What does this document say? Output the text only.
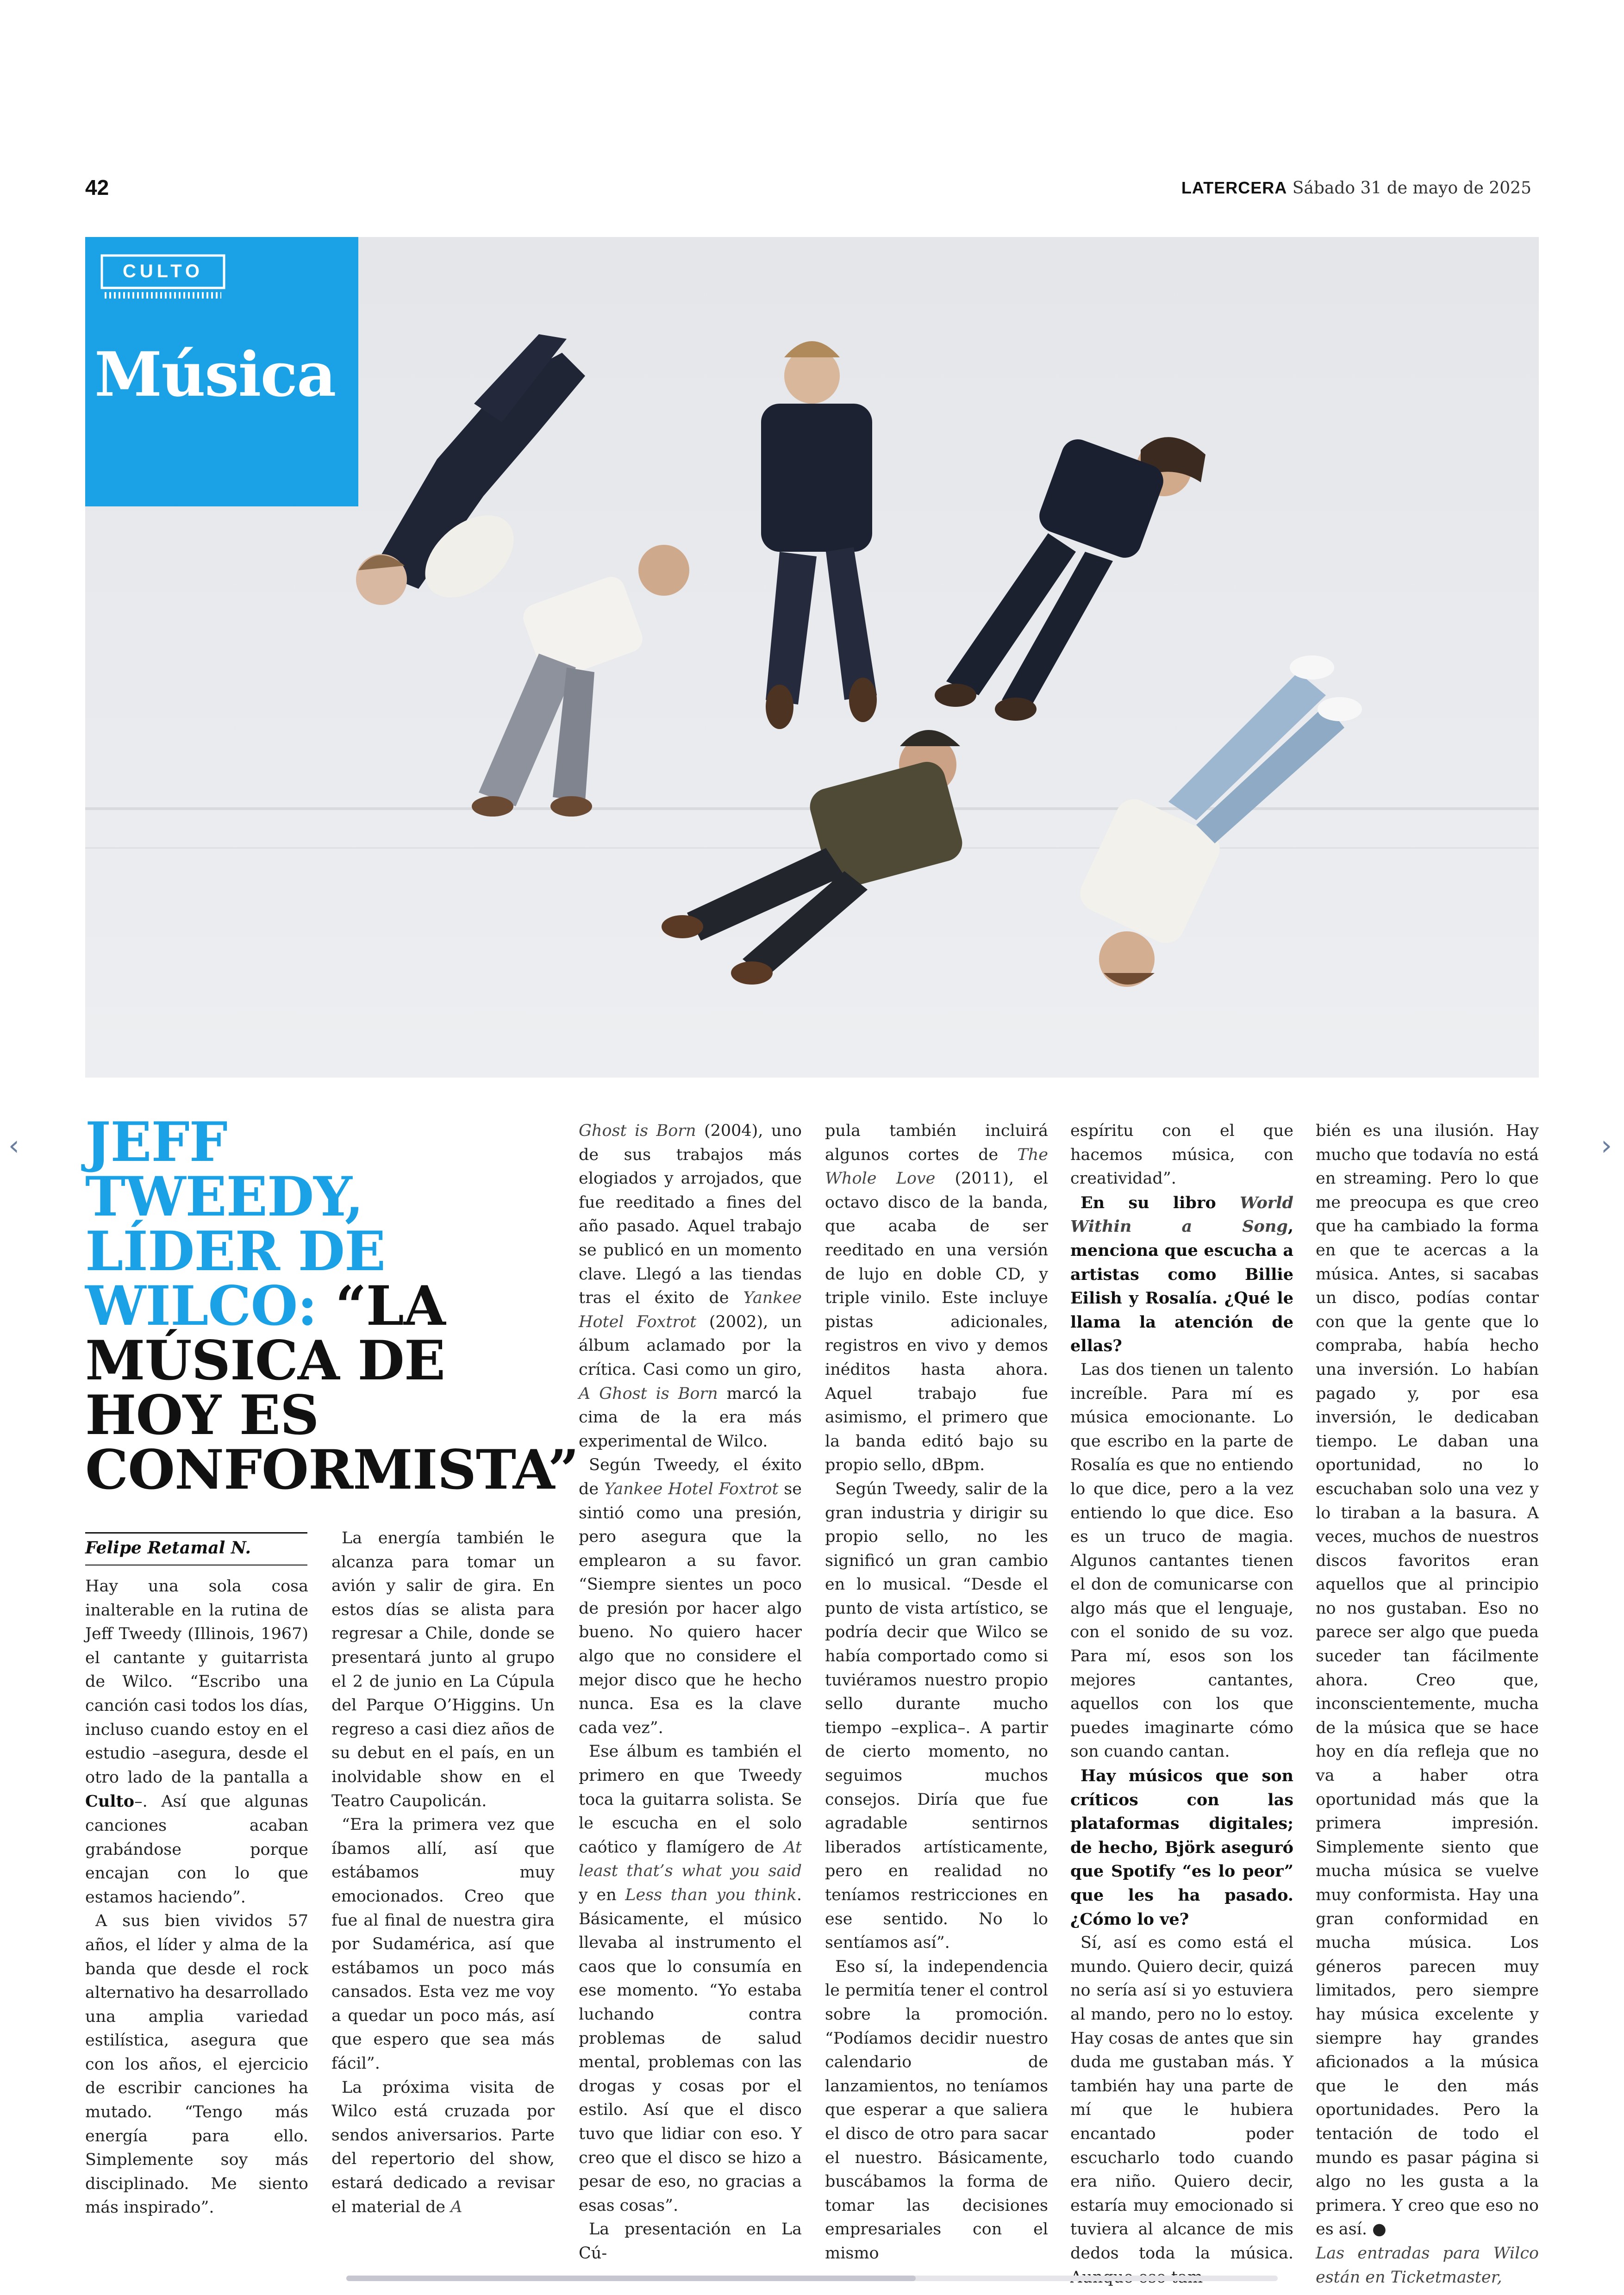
42	LATERCERA Sábado 31 de mayo de 2025
CULTO
Música
JEFF TWEEDY, LÍDER DE WILCO: “LA MÚSICA DE HOY ES CONFORMISTA”
Felipe Retamal N.

Hay una sola cosa inalterable en la rutina de Jeff Tweedy (Illinois, 1967) el cantante y guitarrista de Wilco. “Escribo una canción casi todos los días, incluso cuando estoy en el estudio –asegura, desde el otro lado de la pantalla a Culto–. Así que algunas canciones acaban grabándose porque encajan con lo que estamos haciendo”.

A sus bien vividos 57 años, el líder y alma de la banda que desde el rock alternativo ha desarrollado una amplia variedad estilística, asegura que con los años, el ejercicio de escribir canciones ha mutado. “Tengo más energía para ello. Simplemente soy más disciplinado. Me siento más inspirado”.

La energía también le alcanza para tomar un avión y salir de gira. En estos días se alista para regresar a Chile, donde se presentará junto al grupo el 2 de junio en La Cúpula del Parque O’Higgins. Un regreso a casi diez años de su debut en el país, en un inolvidable show en el Teatro Caupolicán.

“Era la primera vez que íbamos allí, así que estábamos muy emocionados. Creo que fue al final de nuestra gira por Sudamérica, así que estábamos un poco más cansados. Esta vez me voy a quedar un poco más, así que espero que sea más fácil”.

La próxima visita de Wilco está cruzada por sendos aniversarios. Parte del repertorio del show, estará dedicado a revisar el material de A

Ghost is Born (2004), uno de sus trabajos más elogiados y arrojados, que fue reeditado a fines del año pasado. Aquel trabajo se publicó en un momento clave. Llegó a las tiendas tras el éxito de Yankee Hotel Foxtrot (2002), un álbum aclamado por la crítica. Casi como un giro, A Ghost is Born marcó la cima de la era más experimental de Wilco.

Según Tweedy, el éxito de Yankee Hotel Foxtrot se sintió como una presión, pero asegura que la emplearon a su favor. “Siempre sientes un poco de presión por hacer algo bueno. No quiero hacer algo que no considere el mejor disco que he hecho nunca. Esa es la clave cada vez”.

Ese álbum es también el primero en que Tweedy toca la guitarra solista. Se le escucha en el solo caótico y flamígero de At least that’s what you said y en Less than you think. Básicamente, el músico llevaba al instrumento el caos que lo consumía en ese momento. “Yo estaba luchando contra problemas de salud mental, problemas con las drogas y cosas por el estilo. Así que el disco tuvo que lidiar con eso. Y creo que el disco se hizo a pesar de eso, no gracias a esas cosas”.

La presentación en La Cú-

pula también incluirá algunos cortes de The Whole Love (2011), el octavo disco de la banda, que acaba de ser reeditado en una versión de lujo en doble CD, y triple vinilo. Este incluye pistas adicionales, registros en vivo y demos inéditos hasta ahora. Aquel trabajo fue asimismo, el primero que la banda editó bajo su propio sello, dBpm.

Según Tweedy, salir de la gran industria y dirigir su propio sello, no les significó un gran cambio en lo musical. “Desde el punto de vista artístico, se podría decir que Wilco se había comportado como si tuviéramos nuestro propio sello durante mucho tiempo –explica–. A partir de cierto momento, no seguimos muchos consejos. Diría que fue agradable sentirnos liberados artísticamente, pero en realidad no teníamos restricciones en ese sentido. No lo sentíamos así”.

Eso sí, la independencia le permitía tener el control sobre la promoción. “Podíamos decidir nuestro calendario de lanzamientos, no teníamos que esperar a que saliera el disco de otro para sacar el nuestro. Básicamente, buscábamos la forma de tomar las decisiones empresariales con el mismo

espíritu con el que hacemos música, con creatividad”.

En su libro World Within a Song, menciona que escucha a artistas como Billie Eilish y Rosalía. ¿Qué le llama la atención de ellas?

Las dos tienen un talento increíble. Para mí es música emocionante. Lo que escribo en la parte de Rosalía es que no entiendo lo que dice, pero a la vez entiendo lo que dice. Eso es un truco de magia. Algunos cantantes tienen el don de comunicarse con algo más que el lenguaje, con el sonido de su voz. Para mí, esos son los mejores cantantes, aquellos con los que puedes imaginarte cómo son cuando cantan.

Hay músicos que son críticos con las plataformas digitales; de hecho, Björk aseguró que Spotify “es lo peor” que les ha pasado. ¿Cómo lo ve?

Sí, así es como está el mundo. Quiero decir, quizá no sería así si yo estuviera al mando, pero no lo estoy. Hay cosas de antes que sin duda me gustaban más. Y también hay una parte de mí que le hubiera encantado poder escucharlo todo cuando era niño. Quiero decir, estaría muy emocionado si tuviera al alcance de mis dedos toda la música.

bién es una ilusión. Hay mucho que todavía no está en streaming. Pero lo que me preocupa es que creo que ha cambiado la forma en que te acercas a la música. Antes, si sacabas un disco, podías contar con que la gente que lo compraba, había hecho una inversión. Lo habían pagado y, por esa inversión, le dedicaban tiempo. Le daban una oportunidad, no lo escuchaban solo una vez y lo tiraban a la basura. A veces, muchos de nuestros discos favoritos eran aquellos que al principio no nos gustaban. Eso no parece ser algo que pueda suceder tan fácilmente ahora. Creo que, inconscientemente, mucha de la música que se hace hoy en día refleja que no va a haber otra oportunidad más que la primera impresión. Simplemente siento que mucha música se vuelve muy conformista. Hay una gran conformidad en mucha música. Los géneros parecen muy limitados, pero siempre hay música excelente y siempre hay grandes aficionados a la música que le den más oportunidades. Pero la tentación de todo el mundo es pasar página si algo no les gusta a la primera. Y creo que eso no es así. ●

Las entradas para Wilco están en Ticketmaster,

‹	›
